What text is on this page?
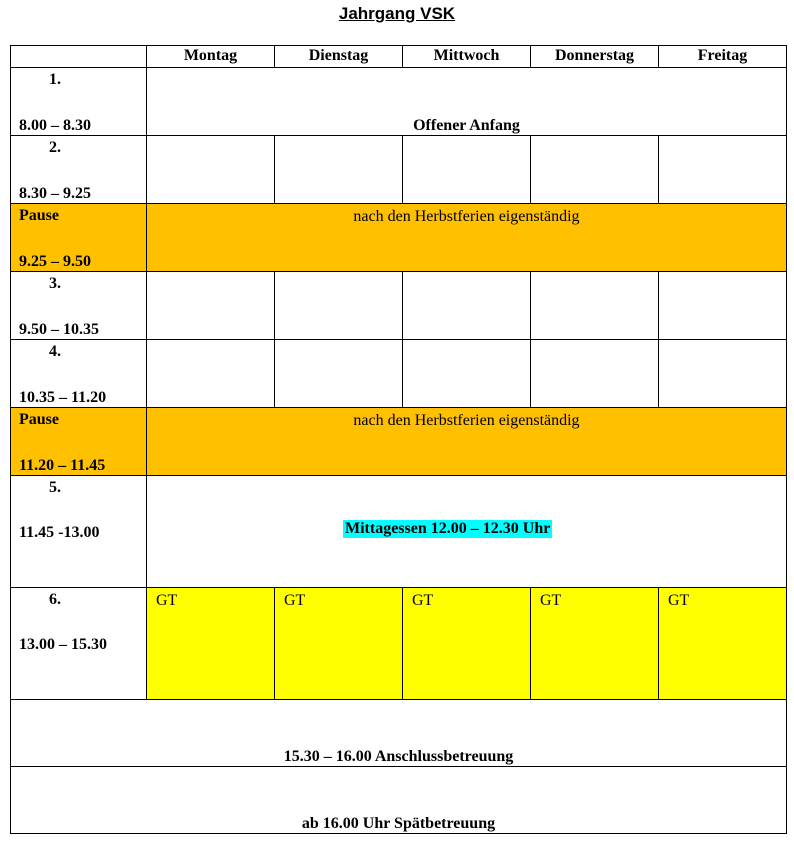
Jahrgang VSK
	Montag	Dienstag	Mittwoch	Donnerstag	Freitag

1.
8.00 – 8.30	Offener Anfang				

2.
8.30 – 9.25					

Pause
9.25 – 9.50	nach den Herbstferien eigenständig				

3.
9.50 – 10.35					

4.
10.35 – 11.20					

Pause
11.20 – 11.45	nach den Herbstferien eigenständig				

5.
11.45 -13.00	Mittagessen 12.00 – 12.30 Uhr				

6.
13.00 – 15.30	GT	GT	GT	GT	GT

15.30 – 16.00 Anschlussbetreuung					

ab 16.00 Uhr Spätbetreuung					
